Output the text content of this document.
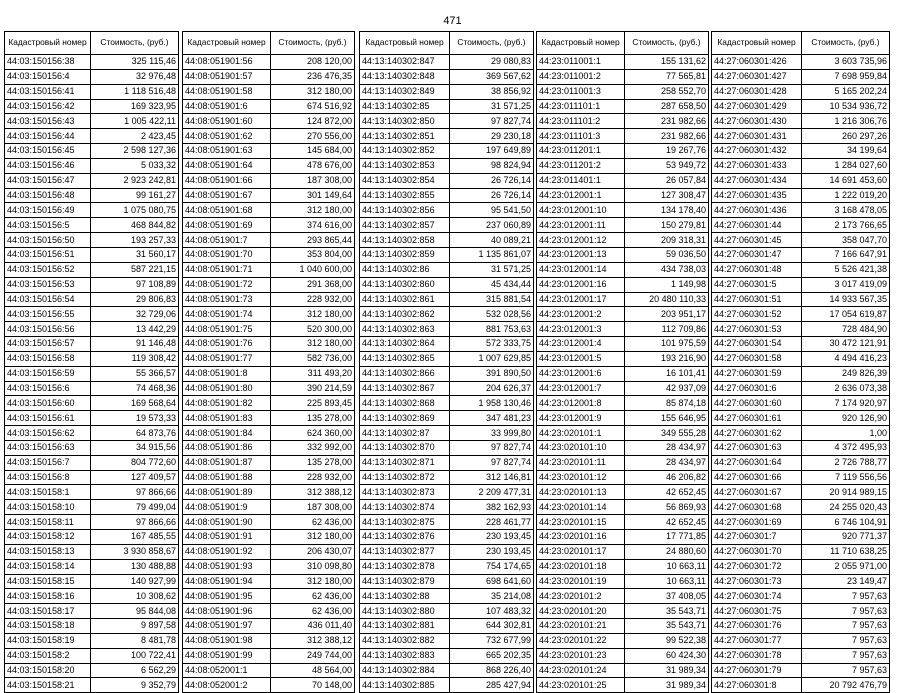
471
Кадастровый номер	Стоимость, (руб.)
44:03:150156:38	325 115,46
44:03:150156:4	32 976,48
44:03:150156:41	1 118 516,48
44:03:150156:42	169 323,95
44:03:150156:43	1 005 422,11
44:03:150156:44	2 423,45
44:03:150156:45	2 598 127,36
44:03:150156:46	5 033,32
44:03:150156:47	2 923 242,81
44:03:150156:48	99 161,27
44:03:150156:49	1 075 080,75
44:03:150156:5	468 844,82
44:03:150156:50	193 257,33
44:03:150156:51	31 560,17
44:03:150156:52	587 221,15
44:03:150156:53	97 108,89
44:03:150156:54	29 806,83
44:03:150156:55	32 729,06
44:03:150156:56	13 442,29
44:03:150156:57	91 146,48
44:03:150156:58	119 308,42
44:03:150156:59	55 366,57
44:03:150156:6	74 468,36
44:03:150156:60	169 568,64
44:03:150156:61	19 573,33
44:03:150156:62	64 873,76
44:03:150156:63	34 915,56
44:03:150156:7	804 772,60
44:03:150156:8	127 409,57
44:03:150158:1	97 866,66
44:03:150158:10	79 499,04
44:03:150158:11	97 866,66
44:03:150158:12	167 485,55
44:03:150158:13	3 930 858,67
44:03:150158:14	130 488,88
44:03:150158:15	140 927,99
44:03:150158:16	10 308,62
44:03:150158:17	95 844,08
44:03:150158:18	9 897,58
44:03:150158:19	8 481,78
44:03:150158:2	100 722,41
44:03:150158:20	6 562,29
44:03:150158:21	9 352,79
Кадастровый номер	Стоимость, (руб.)
44:08:051901:56	208 120,00
44:08:051901:57	236 476,35
44:08:051901:58	312 180,00
44:08:051901:6	674 516,92
44:08:051901:60	124 872,00
44:08:051901:62	270 556,00
44:08:051901:63	145 684,00
44:08:051901:64	478 676,00
44:08:051901:66	187 308,00
44:08:051901:67	301 149,64
44:08:051901:68	312 180,00
44:08:051901:69	374 616,00
44:08:051901:7	293 865,44
44:08:051901:70	353 804,00
44:08:051901:71	1 040 600,00
44:08:051901:72	291 368,00
44:08:051901:73	228 932,00
44:08:051901:74	312 180,00
44:08:051901:75	520 300,00
44:08:051901:76	312 180,00
44:08:051901:77	582 736,00
44:08:051901:8	311 493,20
44:08:051901:80	390 214,59
44:08:051901:82	225 893,45
44:08:051901:83	135 278,00
44:08:051901:84	624 360,00
44:08:051901:86	332 992,00
44:08:051901:87	135 278,00
44:08:051901:88	228 932,00
44:08:051901:89	312 388,12
44:08:051901:9	187 308,00
44:08:051901:90	62 436,00
44:08:051901:91	312 180,00
44:08:051901:92	206 430,07
44:08:051901:93	310 098,80
44:08:051901:94	312 180,00
44:08:051901:95	62 436,00
44:08:051901:96	62 436,00
44:08:051901:97	436 011,40
44:08:051901:98	312 388,12
44:08:051901:99	249 744,00
44:08:052001:1	48 564,00
44:08:052001:2	70 148,00
Кадастровый номер	Стоимость, (руб.)
44:13:140302:847	29 080,83
44:13:140302:848	369 567,62
44:13:140302:849	38 856,92
44:13:140302:85	31 571,25
44:13:140302:850	97 827,74
44:13:140302:851	29 230,18
44:13:140302:852	197 649,89
44:13:140302:853	98 824,94
44:13:140302:854	26 726,14
44:13:140302:855	26 726,14
44:13:140302:856	95 541,50
44:13:140302:857	237 060,89
44:13:140302:858	40 089,21
44:13:140302:859	1 135 861,07
44:13:140302:86	31 571,25
44:13:140302:860	45 434,44
44:13:140302:861	315 881,54
44:13:140302:862	532 028,56
44:13:140302:863	881 753,63
44:13:140302:864	572 333,75
44:13:140302:865	1 007 629,85
44:13:140302:866	391 890,50
44:13:140302:867	204 626,37
44:13:140302:868	1 958 130,46
44:13:140302:869	347 481,23
44:13:140302:87	33 999,80
44:13:140302:870	97 827,74
44:13:140302:871	97 827,74
44:13:140302:872	312 146,81
44:13:140302:873	2 209 477,31
44:13:140302:874	382 162,93
44:13:140302:875	228 461,77
44:13:140302:876	230 193,45
44:13:140302:877	230 193,45
44:13:140302:878	754 174,65
44:13:140302:879	698 641,60
44:13:140302:88	35 214,08
44:13:140302:880	107 483,32
44:13:140302:881	644 302,81
44:13:140302:882	732 677,99
44:13:140302:883	665 202,35
44:13:140302:884	868 226,40
44:13:140302:885	285 427,94
Кадастровый номер	Стоимость, (руб.)
44:23:011001:1	155 131,62
44:23:011001:2	77 565,81
44:23:011001:3	258 552,70
44:23:011101:1	287 658,50
44:23:011101:2	231 982,66
44:23:011101:3	231 982,66
44:23:011201:1	19 267,76
44:23:011201:2	53 949,72
44:23:011401:1	26 057,84
44:23:012001:1	127 308,47
44:23:012001:10	134 178,40
44:23:012001:11	150 279,81
44:23:012001:12	209 318,31
44:23:012001:13	59 036,50
44:23:012001:14	434 738,03
44:23:012001:16	1 149,98
44:23:012001:17	20 480 110,33
44:23:012001:2	203 951,17
44:23:012001:3	112 709,86
44:23:012001:4	101 975,59
44:23:012001:5	193 216,90
44:23:012001:6	16 101,41
44:23:012001:7	42 937,09
44:23:012001:8	85 874,18
44:23:012001:9	155 646,95
44:23:020101:1	349 555,28
44:23:020101:10	28 434,97
44:23:020101:11	28 434,97
44:23:020101:12	46 206,82
44:23:020101:13	42 652,45
44:23:020101:14	56 869,93
44:23:020101:15	42 652,45
44:23:020101:16	17 771,85
44:23:020101:17	24 880,60
44:23:020101:18	10 663,11
44:23:020101:19	10 663,11
44:23:020101:2	37 408,05
44:23:020101:20	35 543,71
44:23:020101:21	35 543,71
44:23:020101:22	99 522,38
44:23:020101:23	60 424,30
44:23:020101:24	31 989,34
44:23:020101:25	31 989,34
Кадастровый номер	Стоимость, (руб.)
44:27:060301:426	3 603 735,96
44:27:060301:427	7 698 959,84
44:27:060301:428	5 165 202,24
44:27:060301:429	10 534 936,72
44:27:060301:430	1 216 306,76
44:27:060301:431	260 297,26
44:27:060301:432	34 199,64
44:27:060301:433	1 284 027,60
44:27:060301:434	14 691 453,60
44:27:060301:435	1 222 019,20
44:27:060301:436	3 168 478,05
44:27:060301:44	2 173 766,65
44:27:060301:45	358 047,70
44:27:060301:47	7 166 647,91
44:27:060301:48	5 526 421,38
44:27:060301:5	3 017 419,09
44:27:060301:51	14 933 567,35
44:27:060301:52	17 054 619,87
44:27:060301:53	728 484,90
44:27:060301:54	30 472 121,91
44:27:060301:58	4 494 416,23
44:27:060301:59	249 826,39
44:27:060301:6	2 636 073,38
44:27:060301:60	7 174 920,97
44:27:060301:61	920 126,90
44:27:060301:62	1,00
44:27:060301:63	4 372 495,93
44:27:060301:64	2 726 788,77
44:27:060301:66	7 119 556,56
44:27:060301:67	20 914 989,15
44:27:060301:68	24 255 020,43
44:27:060301:69	6 746 104,91
44:27:060301:7	920 771,37
44:27:060301:70	11 710 638,25
44:27:060301:72	2 055 971,00
44:27:060301:73	23 149,47
44:27:060301:74	7 957,63
44:27:060301:75	7 957,63
44:27:060301:76	7 957,63
44:27:060301:77	7 957,63
44:27:060301:78	7 957,63
44:27:060301:79	7 957,63
44:27:060301:8	20 792 476,79
